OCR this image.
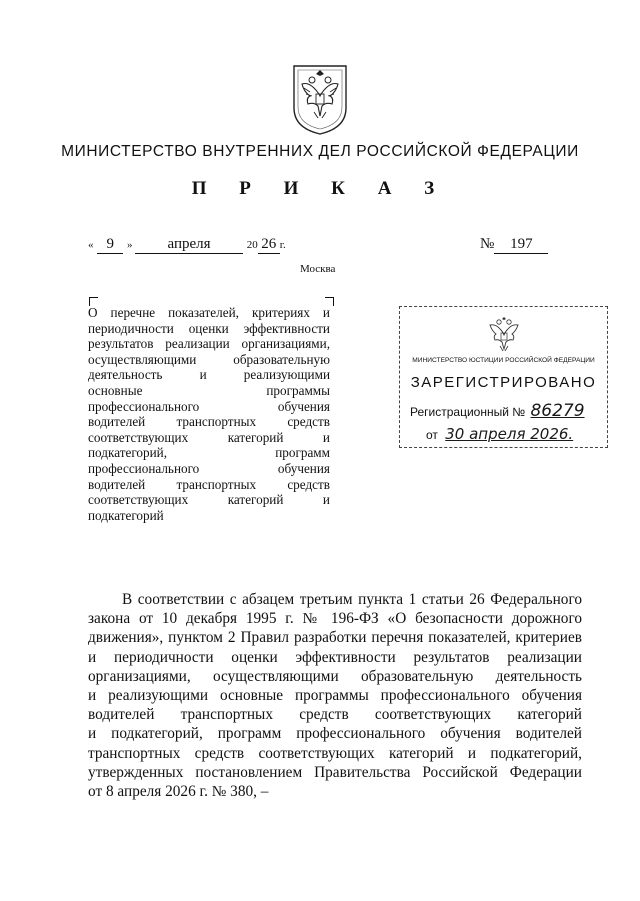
МИНИСТЕРСТВО ВНУТРЕННИХ ДЕЛ РОССИЙСКОЙ ФЕДЕРАЦИИ
П Р И К А З
« 9 »	апреля	20 26 г.	№ 197
Москва
О перечне показателей, критериях и
периодичности оценки эффективности
результатов реализации организациями,
осуществляющими образовательную
деятельность и реализующими
основные программы
профессионального обучения
водителей транспортных средств
соответствующих категорий и
подкатегорий, программ
профессионального обучения
водителей транспортных средств
соответствующих категорий и
подкатегорий
МИНИСТЕРСТВО ЮСТИЦИИ РОССИЙСКОЙ ФЕДЕРАЦИИ
ЗАРЕГИСТРИРОВАНО
Регистрационный № 86279
от 30 апреля 2026.
В соответствии с абзацем третьим пункта 1 статьи 26 Федерального
закона от 10 декабря 1995 г. № 196-ФЗ «О безопасности дорожного
движения», пунктом 2 Правил разработки перечня показателей, критериев
и периодичности оценки эффективности результатов реализации
организациями, осуществляющими образовательную деятельность
и реализующими основные программы профессионального обучения
водителей транспортных средств соответствующих категорий
и подкатегорий, программ профессионального обучения водителей
транспортных средств соответствующих категорий и подкатегорий,
утвержденных постановлением Правительства Российской Федерации
от 8 апреля 2026 г. № 380, –
